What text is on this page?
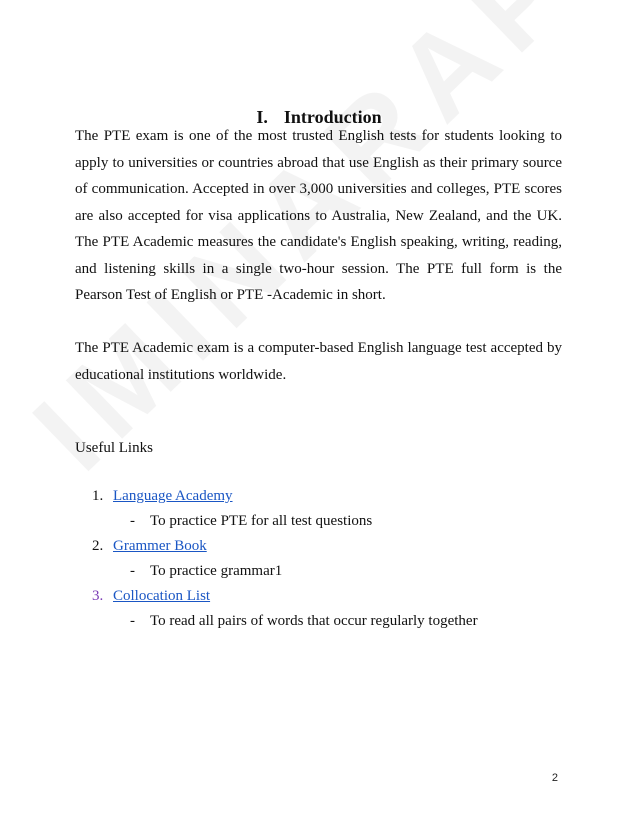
I. Introduction

The PTE exam is one of the most trusted English tests for students looking to apply to universities or countries abroad that use English as their primary source of communication. Accepted in over 3,000 universities and colleges, PTE scores are also accepted for visa applications to Australia, New Zealand, and the UK. The PTE Academic measures the candidate's English speaking, writing, reading, and listening skills in a single two-hour session. The PTE full form is the Pearson Test of English or PTE -Academic in short.

The PTE Academic exam is a computer-based English language test accepted by educational institutions worldwide.

Useful Links
1. Language Academy
- To practice PTE for all test questions
2. Grammer Book
- To practice grammar1
3. Collocation List
- To read all pairs of words that occur regularly together
2
